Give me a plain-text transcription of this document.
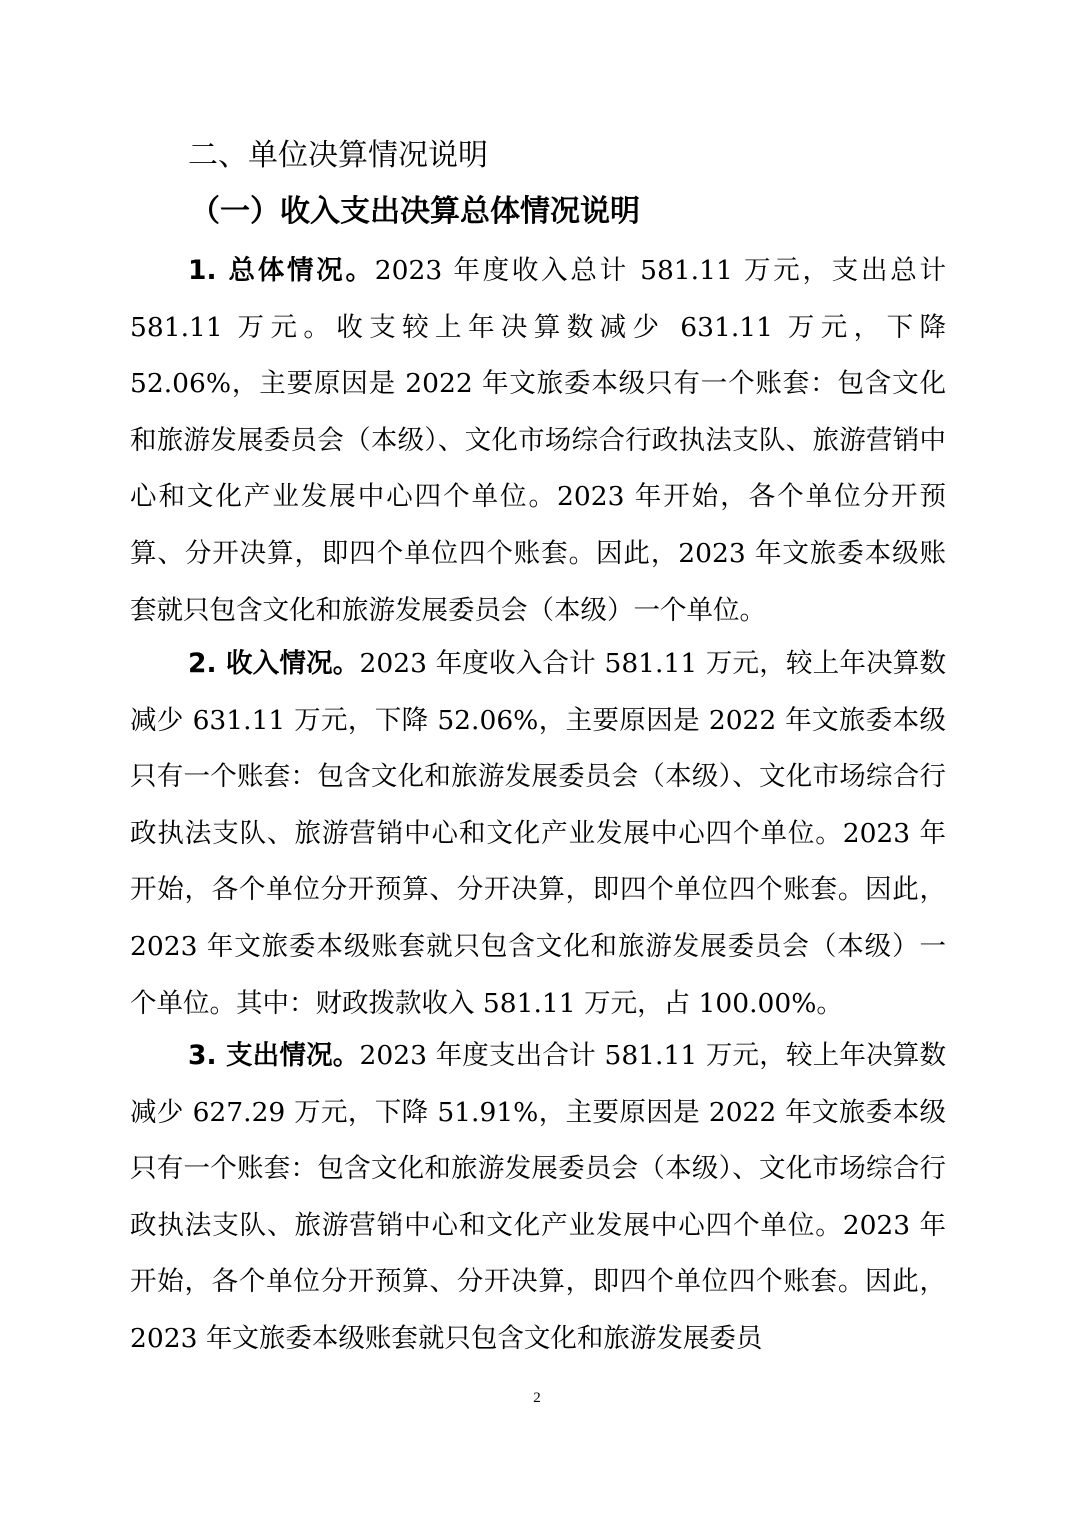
二、单位决算情况说明
（一）收入支出决算总体情况说明

1. 总体情况。2023 年度收入总计 581.11 万元，支出总计 581.11 万元。收支较上年决算数减少 631.11 万元，下降 52.06%，主要原因是 2022 年文旅委本级只有一个账套：包含文化和旅游发展委员会（本级）、文化市场综合行政执法支队、旅游营销中心和文化产业发展中心四个单位。2023 年开始，各个单位分开预算、分开决算，即四个单位四个账套。因此，2023 年文旅委本级账套就只包含文化和旅游发展委员会（本级）一个单位。

2. 收入情况。2023 年度收入合计 581.11 万元，较上年决算数减少 631.11 万元，下降 52.06%，主要原因是 2022 年文旅委本级只有一个账套：包含文化和旅游发展委员会（本级）、文化市场综合行政执法支队、旅游营销中心和文化产业发展中心四个单位。2023 年开始，各个单位分开预算、分开决算，即四个单位四个账套。因此，2023 年文旅委本级账套就只包含文化和旅游发展委员会（本级）一个单位。其中：财政拨款收入 581.11 万元，占 100.00%。

3. 支出情况。2023 年度支出合计 581.11 万元，较上年决算数减少 627.29 万元，下降 51.91%，主要原因是 2022 年文旅委本级只有一个账套：包含文化和旅游发展委员会（本级）、文化市场综合行政执法支队、旅游营销中心和文化产业发展中心四个单位。2023 年开始，各个单位分开预算、分开决算，即四个单位四个账套。因此，2023 年文旅委本级账套就只包含文化和旅游发展委员

2
